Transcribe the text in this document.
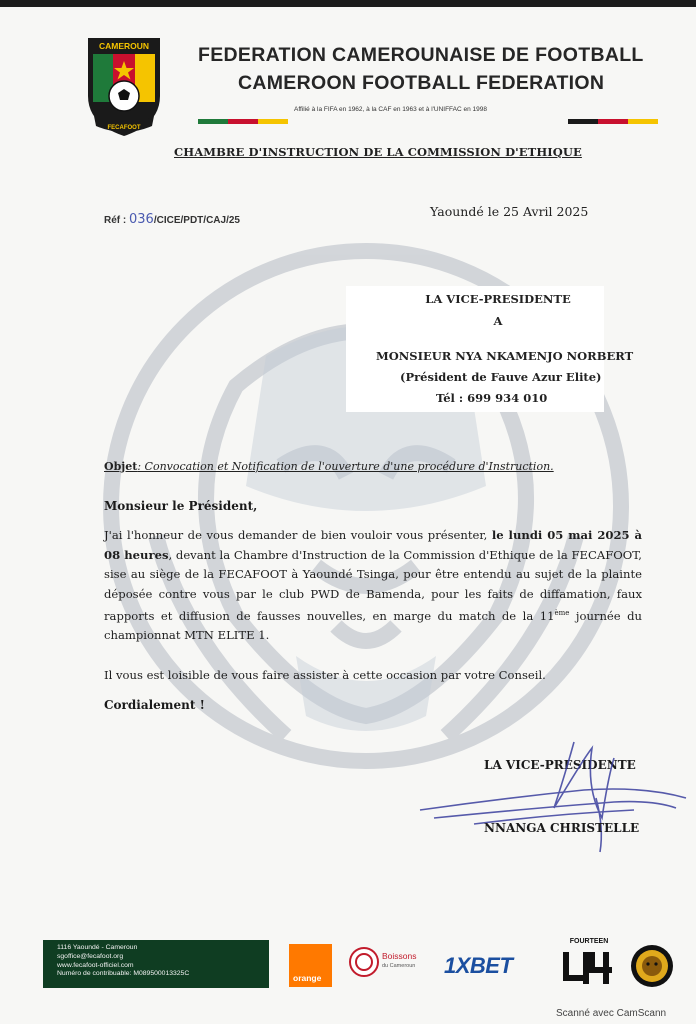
CAMEROUN
FECAFOOT
FEDERATION CAMEROUNAISE DE FOOTBALL
CAMEROON FOOTBALL FEDERATION
Affilié à la FIFA en 1962, à la CAF en 1963 et à l'UNIFFAC en 1998
CHAMBRE D'INSTRUCTION DE LA COMMISSION D'ETHIQUE
Réf : 036/CICE/PDT/CAJ/25
Yaoundé le 25 Avril 2025
LA VICE-PRESIDENTE
A
MONSIEUR NYA NKAMENJO NORBERT
(Président de Fauve Azur Elite)
Tél : 699 934 010
Objet: Convocation et Notification de l'ouverture d'une procédure d'Instruction.
Monsieur le Président,
J'ai l'honneur de vous demander de bien vouloir vous présenter, le lundi 05 mai 2025 à 08 heures, devant la Chambre d'Instruction de la Commission d'Ethique de la FECAFOOT, sise au siège de la FECAFOOT à Yaoundé Tsinga, pour être entendu au sujet de la plainte déposée contre vous par le club PWD de Bamenda, pour les faits de diffamation, faux rapports et diffusion de fausses nouvelles, en marge du match de la 11ème journée du championnat MTN ELITE 1.
Il vous est loisible de vous faire assister à cette occasion par votre Conseil.
Cordialement !
LA VICE-PRESIDENTE
NNANGA CHRISTELLE
1116 Yaoundé - Cameroun
sgoffice@fecafoot.org
www.fecafoot-officiel.com
Numéro de contribuable: M089500013325C	orange
Boissons
du Cameroun 1XBET
FOURTEEN
Scanné avec CamScann
